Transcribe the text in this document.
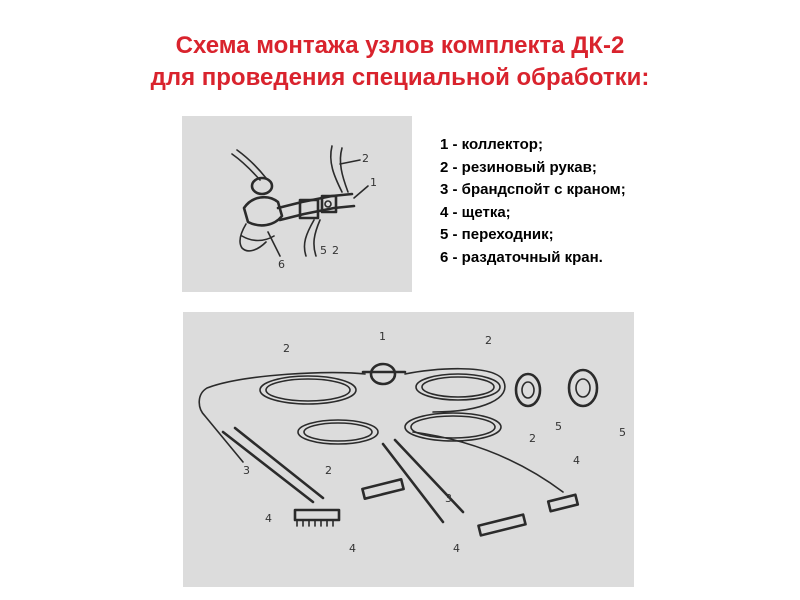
Схема монтажа узлов комплекта ДК-2
для проведения специальной обработки:
1
2
5 2
6
1 - коллектор;
2 - резиновый рукав;
3 - брандспойт с краном;
4 - щетка;
5 - переходник;
6 - раздаточный кран.
1
2
2
2
2
3
3
4
4	4
4
5	5
